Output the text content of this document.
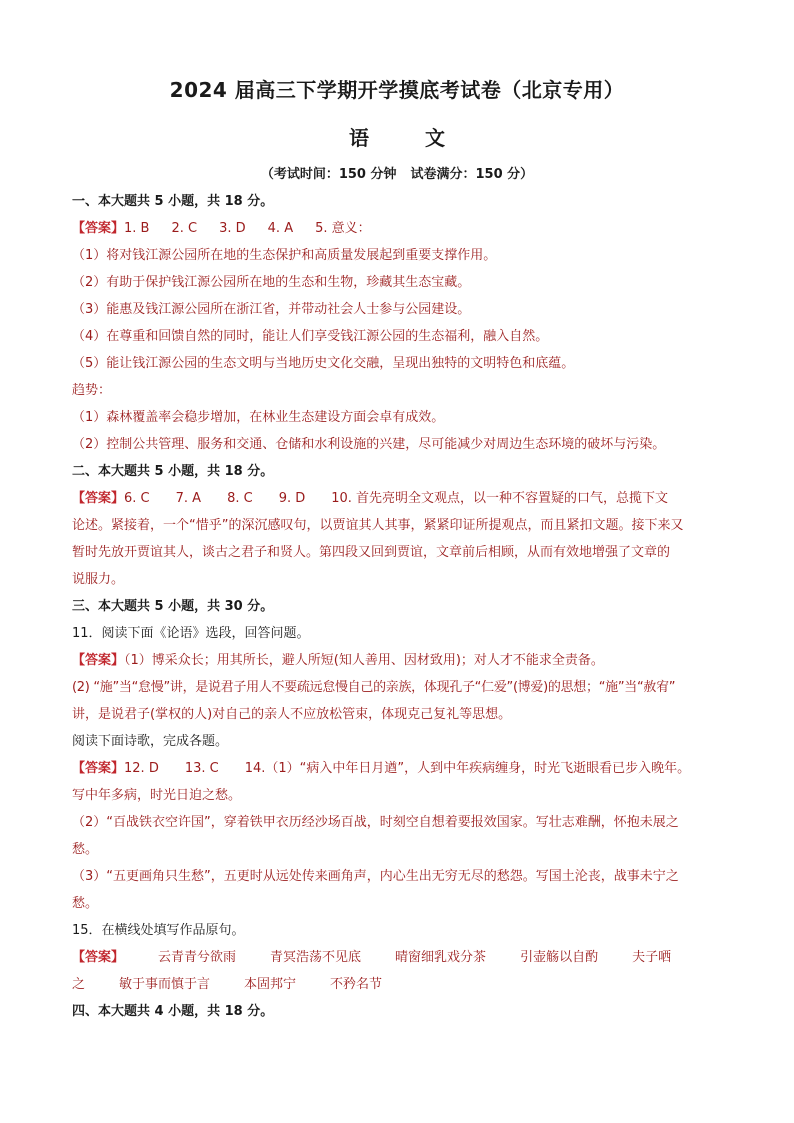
2024 届高三下学期开学摸底考试卷（北京专用）
语	文
（考试时间：150 分钟 试卷满分：150 分）
一、本大题共 5 小题，共 18 分。
【答案】1. B 2. C 3. D 4. A 5. 意义：
（1）将对钱江源公园所在地的生态保护和高质量发展起到重要支撑作用。
（2）有助于保护钱江源公园所在地的生态和生物，珍藏其生态宝藏。
（3）能惠及钱江源公园所在浙江省，并带动社会人士参与公园建设。
（4）在尊重和回馈自然的同时，能让人们享受钱江源公园的生态福利，融入自然。
（5）能让钱江源公园的生态文明与当地历史文化交融，呈现出独特的文明特色和底蕴。
趋势：
（1）森林覆盖率会稳步增加，在林业生态建设方面会卓有成效。
（2）控制公共管理、服务和交通、仓储和水利设施的兴建，尽可能减少对周边生态环境的破坏与污染。
二、本大题共 5 小题，共 18 分。
【答案】6. C 7. A 8. C 9. D 10. 首先亮明全文观点，以一种不容置疑的口气，总揽下文
论述。紧接着，一个“惜乎”的深沉感叹句，以贾谊其人其事，紧紧印证所提观点，而且紧扣文题。接下来又
暂时先放开贾谊其人，谈古之君子和贤人。第四段又回到贾谊，文章前后相顾，从而有效地增强了文章的
说服力。
三、本大题共 5 小题，共 30 分。
11．阅读下面《论语》选段，回答问题。
【答案】（1）博采众长；用其所长，避人所短(知人善用、因材致用)；对人才不能求全责备。
(2) “施”当“怠慢”讲，是说君子用人不要疏远怠慢自己的亲族，体现孔子“仁爱”(博爱)的思想；“施”当“赦宥”
讲，是说君子(掌权的人)对自己的亲人不应放松管束，体现克己复礼等思想。
阅读下面诗歌，完成各题。
【答案】12. D 13. C 14.（1）“病入中年日月遒”，人到中年疾病缠身，时光飞逝眼看已步入晚年。
写中年多病，时光日迫之愁。
（2）“百战铁衣空许国”，穿着铁甲衣历经沙场百战，时刻空自想着要报效国家。写壮志难酬，怀抱未展之
愁。
（3）“五更画角只生愁”，五更时从远处传来画角声，内心生出无穷无尽的愁怨。写国土沦丧，战事未宁之
愁。
15．在横线处填写作品原句。
【答案】	云青青兮欲雨	青冥浩荡不见底	晴窗细乳戏分茶	引壶觞以自酌	夫子哂
之	敏于事而慎于言	本固邦宁	不矜名节
四、本大题共 4 小题，共 18 分。
